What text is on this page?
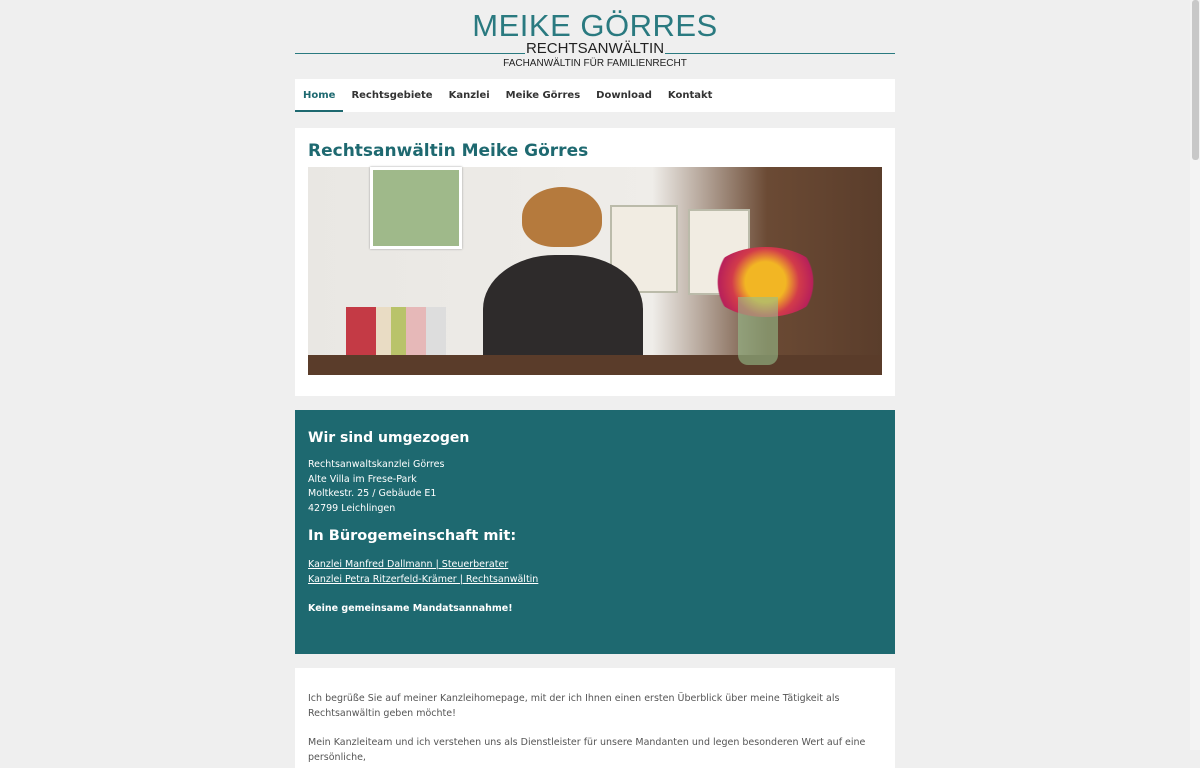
MEIKE GÖRRES
RECHTSANWÄLTIN
FACHANWÄLTIN FÜR FAMILIENRECHT
Home	Rechtsgebiete	Kanzlei	Meike Görres	Download	Kontakt
Rechtsanwältin Meike Görres
Wir sind umgezogen

Rechtsanwaltskanzlei Görres

Alte Villa im Frese-Park

Moltkestr. 25 / Gebäude E1

42799 Leichlingen

In Bürogemeinschaft mit:
Kanzlei Manfred Dallmann | Steuerberater
Kanzlei Petra Ritzerfeld-Krämer | Rechtsanwältin

Keine gemeinsame Mandatsannahme!

Ich begrüße Sie auf meiner Kanzleihomepage, mit der ich Ihnen einen ersten Überblick über meine Tätigkeit als Rechtsanwältin geben möchte!

Mein Kanzleiteam und ich verstehen uns als Dienstleister für unsere Mandanten und legen besonderen Wert auf eine persönliche,
